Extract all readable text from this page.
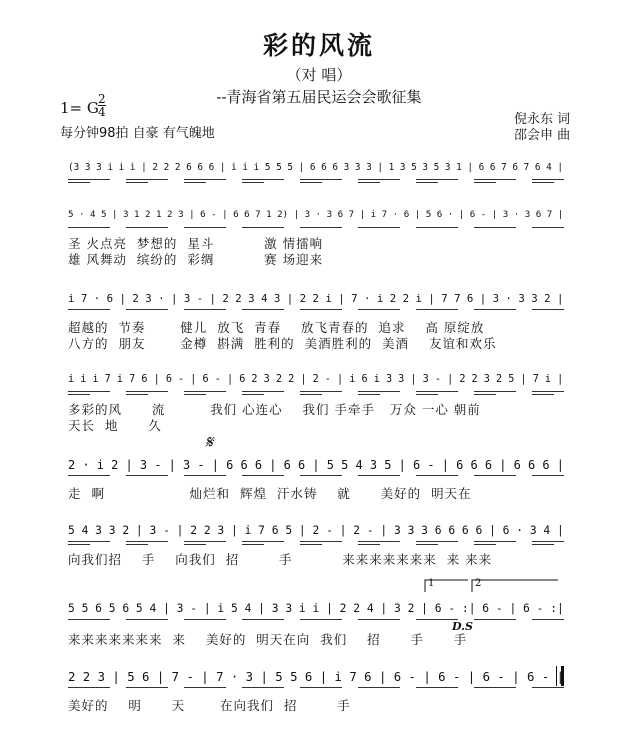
彩的风流
（对 唱）
--青海省第五届民运会会歌征集
1= G 2
4
每分钟98拍 自豪 有气魄地
倪永东 词
邵会申 曲
(3 3 3 i i i | 2 2 2 6 6 6 | i i i 5 5 5 | 6 6 6 3 3 3 | 1 3 5 3 5 3 1 | 6 6 7 6 7 6 4 |
5 · 4 5 | 3 1 2 1 2 3 | 6 - | 6 6 7 1 2) | 3 · 3 6 7 | i 7 · 6 | 5 6 · | 6 - | 3 · 3 6 7 |
圣 火点亮  梦想的  星斗          激 情擂响
雄 风舞动  缤纷的  彩绸          赛 场迎来
i 7 · 6 | 2 3 · | 3 - | 2 2 3 4 3 | 2 2 i | 7 · i 2 2 i | 7 7 6 | 3 · 3 3 2 |
超越的  节奏       健儿  放飞  青春    放飞青春的  追求    高 原绽放
八方的  朋友       金樽  斟满  胜利的  美酒胜利的  美酒    友谊和欢乐
i i i 7 i 7 6 | 6 - | 6 - | 6 2 3 2 2 | 2 - | i 6 i 3 3 | 3 - | 2 2 3 2 5 | 7 i |
多彩的风      流         我们 心连心    我们 手牵手   万众 一心 朝前
天长  地      久
𝄋
2 · i 2 | 3 - | 3 - | 6 6 6 | 6 6 | 5 5 4 3 5 | 6 - | 6 6 6 | 6 6 6 |
走  啊                 灿烂和  辉煌  汗水铸    就      美好的  明天在
5 4 3 3 2 | 3 - | 2 2 3 | i 7 6 5 | 2 - | 2 - | 3 3 3 6 6 6 6 | 6 · 3 4 |
向我们招    手    向我们  招        手          来来来来来来来  来 来来
1	2
5 5 6 5 6 5 4 | 3 - | i 5 4 | 3 3 i i | 2 2 4 | 3 2 | 6 - :| 6 - | 6 - :|
D.S
来来来来来来来  来    美好的  明天在向  我们    招      手      手
2 2 3 | 5 6 | 7 - | 7 · 3 | 5 5 6 | i 7 6 | 6 - | 6 - | 6 - | 6 - |
美好的    明      天       在向我们  招        手
